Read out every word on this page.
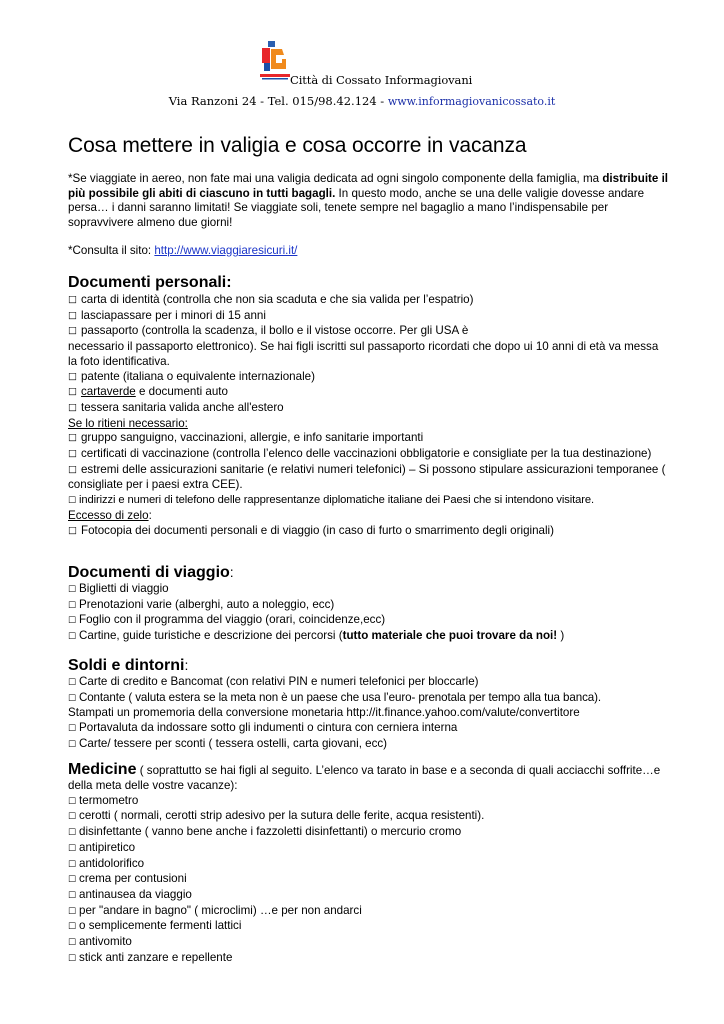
Città di Cossato Informagiovani
Via Ranzoni 24 - Tel. 015/98.42.124 - www.informagiovanicossato.it
Cosa mettere in valigia e cosa occorre in vacanza

*Se viaggiate in aereo, non fate mai una valigia dedicata ad ogni singolo componente della famiglia, ma distribuite il più possibile gli abiti di ciascuno in tutti bagagli. In questo modo, anche se una delle valigie dovesse andare persa… i danni saranno limitati! Se viaggiate soli, tenete sempre nel bagaglio a mano l’indispensabile per sopravvivere almeno due giorni!

*Consulta il sito: http://www.viaggiaresicuri.it/

Documenti personali:

□ carta di identità (controlla che non sia scaduta e che sia valida per l’espatrio)

□ lasciapassare per i minori di 15 anni

□ passaporto (controlla la scadenza, il bollo e il vistose occorre. Per gli USA è

necessario il passaporto elettronico). Se hai figli iscritti sul passaporto ricordati che dopo ui 10 anni di età va messa la foto identificativa.

□ patente (italiana o equivalente internazionale)

□ cartaverde e documenti auto

□ tessera sanitaria valida anche all'estero

Se lo ritieni necessario:

□ gruppo sanguigno, vaccinazioni, allergie, e info sanitarie importanti

□ certificati di vaccinazione (controlla l’elenco delle vaccinazioni obbligatorie e consigliate per la tua destinazione)

□ estremi delle assicurazioni sanitarie (e relativi numeri telefonici) – Si possono stipulare assicurazioni temporanee ( consigliate per i paesi extra CEE).

□ indirizzi e numeri di telefono delle rappresentanze diplomatiche italiane dei Paesi che si intendono visitare.

Eccesso di zelo:

□ Fotocopia dei documenti personali e di viaggio (in caso di furto o smarrimento degli originali)

Documenti di viaggio:

□ Biglietti di viaggio

□ Prenotazioni varie (alberghi, auto a noleggio, ecc)

□ Foglio con il programma del viaggio (orari, coincidenze,ecc)

□ Cartine, guide turistiche e descrizione dei percorsi (tutto materiale che puoi trovare da noi! )

Soldi e dintorni:

□ Carte di credito e Bancomat (con relativi PIN e numeri telefonici per bloccarle)

□ Contante ( valuta estera se la meta non è un paese che usa l’euro- prenotala per tempo alla tua banca).

Stampati un promemoria della conversione monetaria http://it.finance.yahoo.com/valute/convertitore

□ Portavaluta da indossare sotto gli indumenti o cintura con cerniera interna

□ Carte/ tessere per sconti ( tessera ostelli, carta giovani, ecc)

Medicine ( soprattutto se hai figli al seguito. L’elenco va tarato in base e a seconda di quali acciacchi soffrite…e della meta delle vostre vacanze):

□ termometro

□ cerotti ( normali, cerotti strip adesivo per la sutura delle ferite, acqua resistenti).

□ disinfettante ( vanno bene anche i fazzoletti disinfettanti) o mercurio cromo

□ antipiretico

□ antidolorifico

□ crema per contusioni

□ antinausea da viaggio

□ per "andare in bagno" ( microclimi) …e per non andarci

□ o semplicemente fermenti lattici

□ antivomito

□ stick anti zanzare e repellente
